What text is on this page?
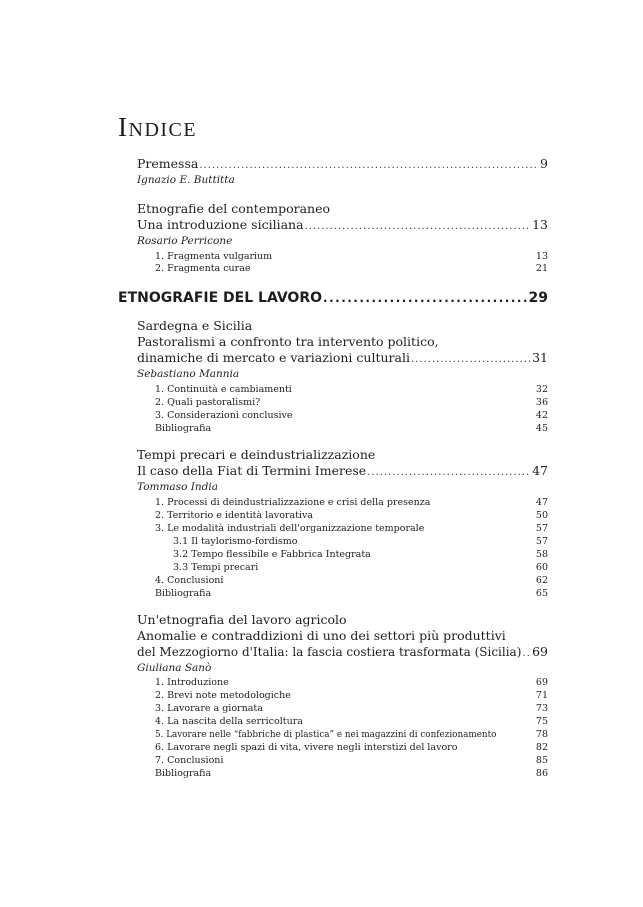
INDICE
Premessa .....	9
Ignazio E. Buttitta
Etnografie del contemporaneo
Una introduzione siciliana .....	13
Rosario Perricone
1. Fragmenta vulgarium	13
2. Fragmenta curae	21
ETNOGRAFIE DEL LAVORO .....	29
Sardegna e Sicilia
Pastoralismi a confronto tra intervento politico,
dinamiche di mercato e variazioni culturali .....	31
Sebastiano Mannia
1. Continuità e cambiamenti	32
2. Quali pastoralismi?	36
3. Considerazioni conclusive	42
Bibliografia	45
Tempi precari e deindustrializzazione
Il caso della Fiat di Termini Imerese .....	47
Tommaso India
1. Processi di deindustrializzazione e crisi della presenza	47
2. Territorio e identità lavorativa	50
3. Le modalità industriali dell'organizzazione temporale	57
3.1 Il taylorismo-fordismo	57
3.2 Tempo flessibile e Fabbrica Integrata	58
3.3 Tempi precari	60
4. Conclusioni	62
Bibliografia	65
Un'etnografia del lavoro agricolo
Anomalie e contraddizioni di uno dei settori più produttivi
del Mezzogiorno d'Italia: la fascia costiera trasformata (Sicilia) ..... 69
Giuliana Sanò
1. Introduzione	69
2. Brevi note metodologiche	71
3. Lavorare a giornata	73
4. La nascita della serricoltura	75
5. Lavorare nelle “fabbriche di plastica” e nei magazzini di confezionamento	78
6. Lavorare negli spazi di vita, vivere negli interstizi del lavoro	82
7. Conclusioni	85
Bibliografia	86
